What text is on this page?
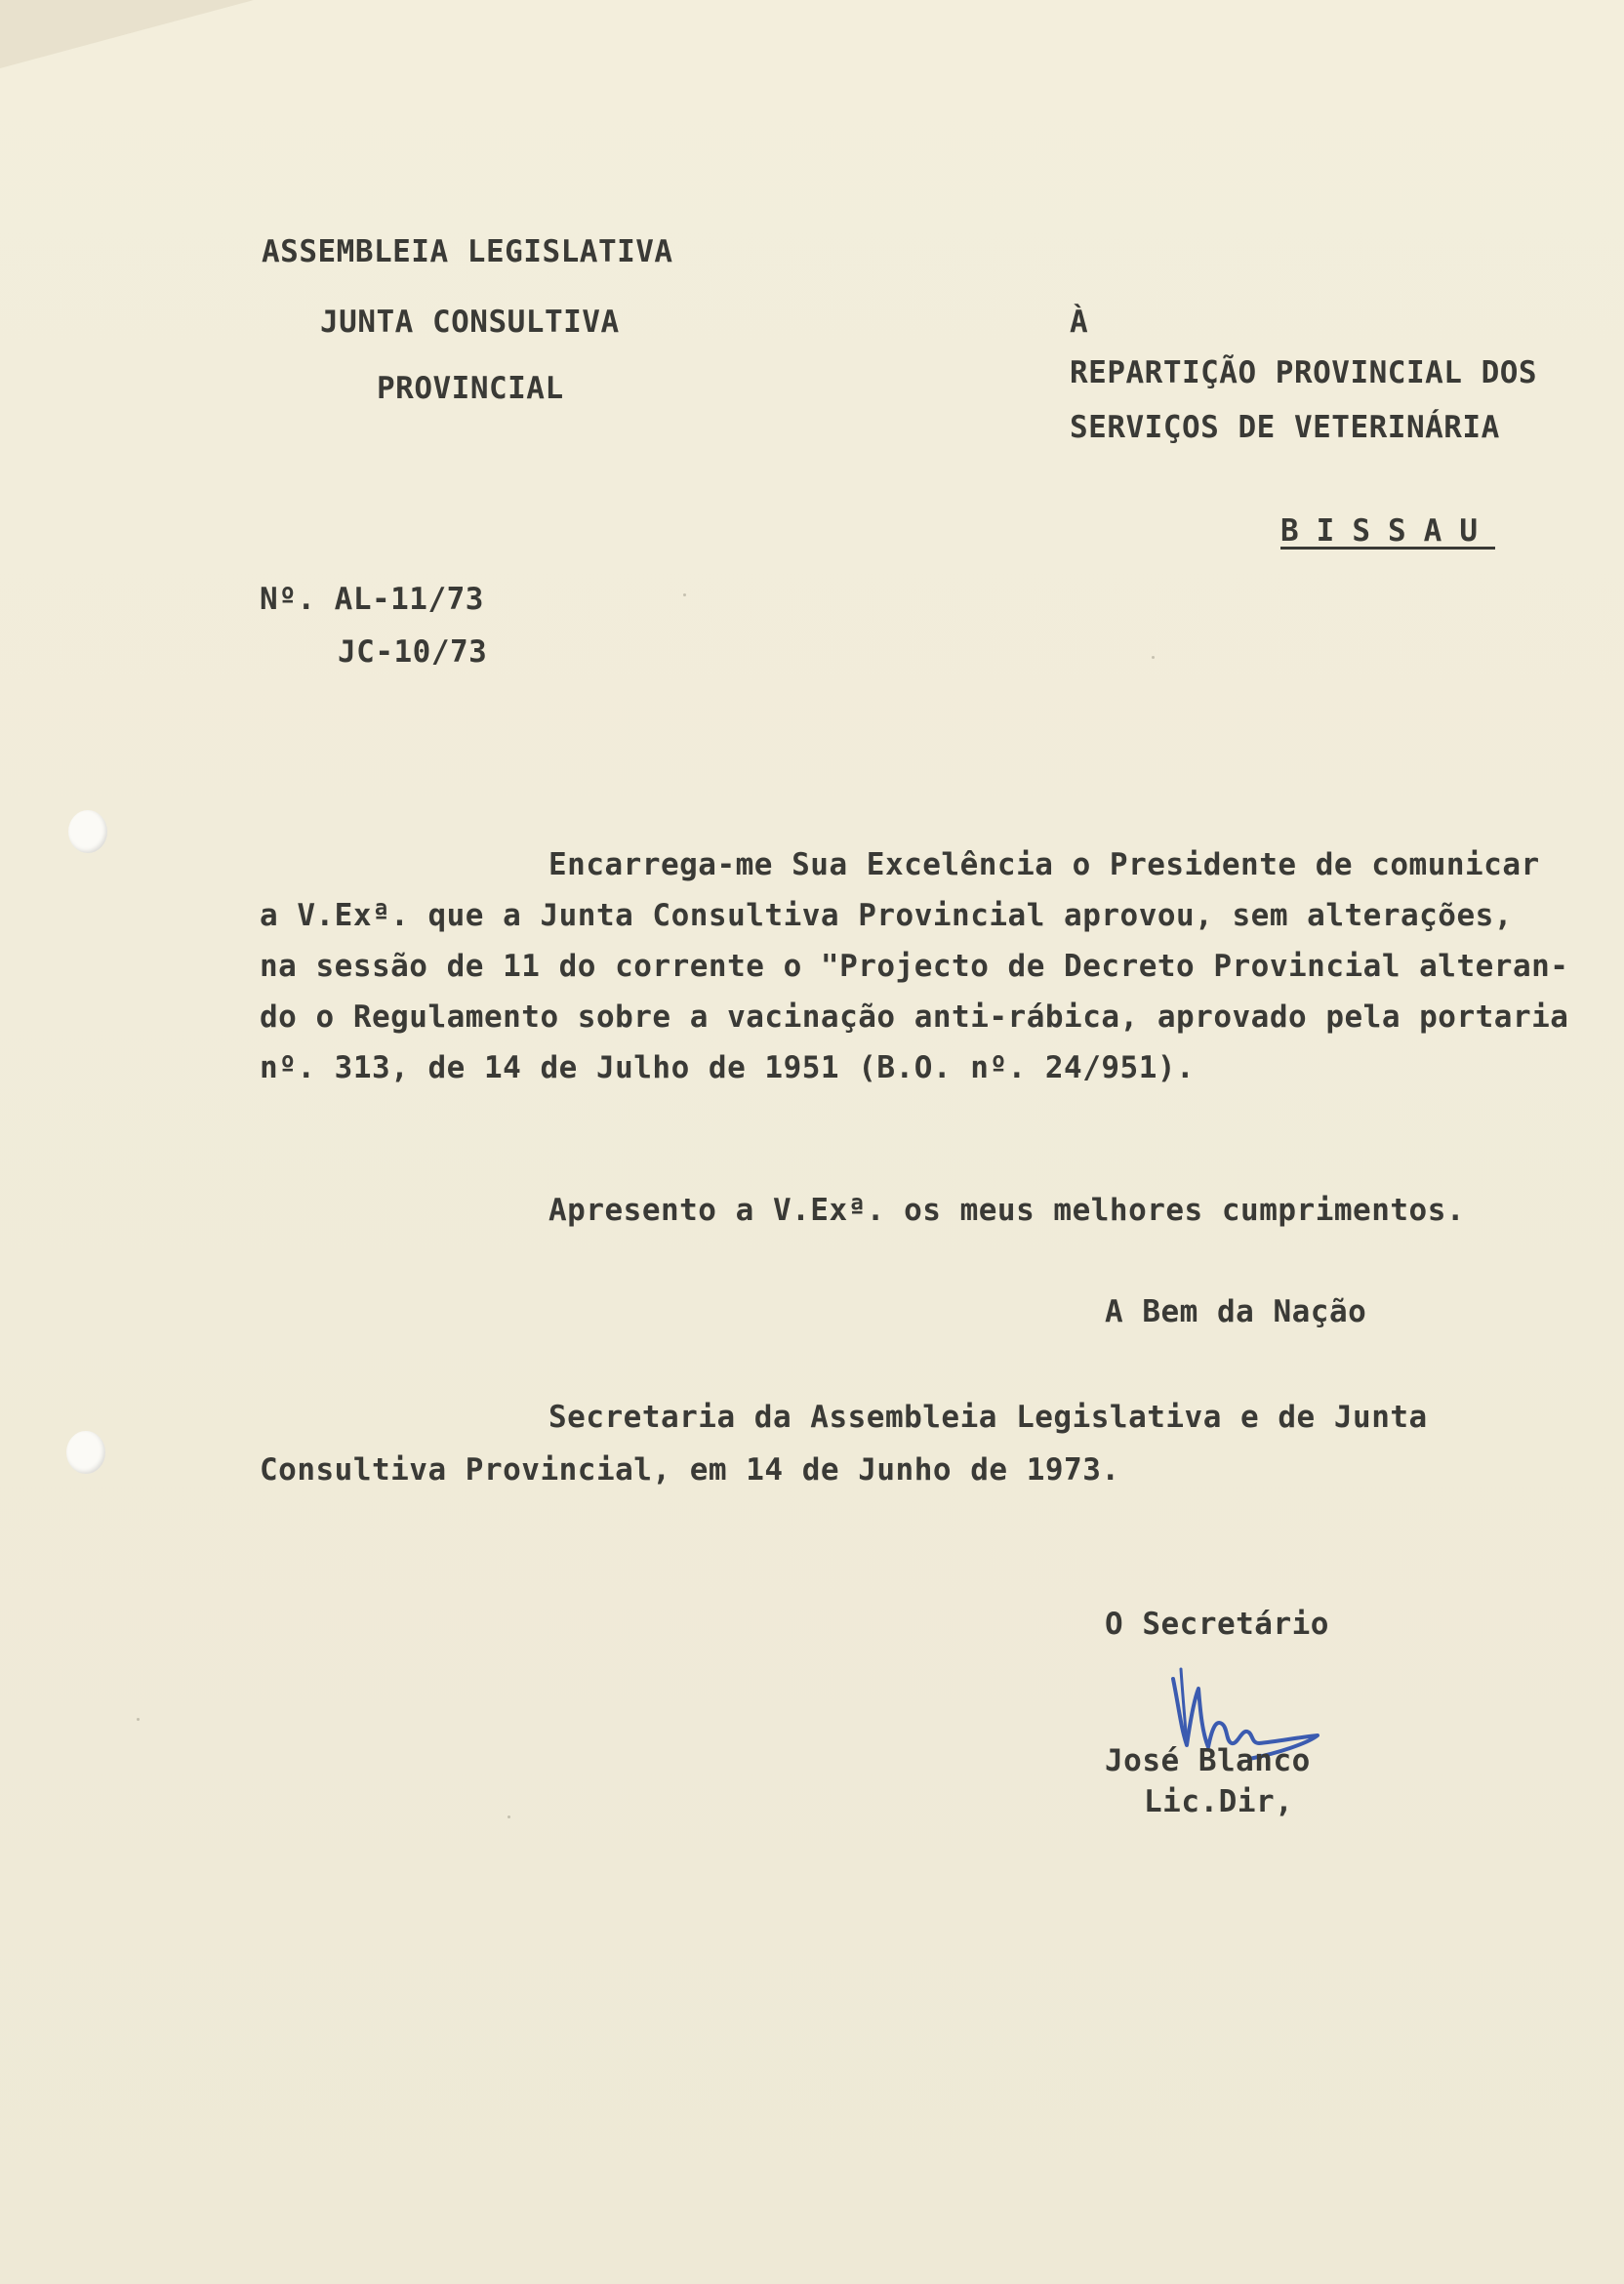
ASSEMBLEIA LEGISLATIVA
JUNTA CONSULTIVA
PROVINCIAL
À
REPARTIÇÃO PROVINCIAL DOS
SERVIÇOS DE VETERINÁRIA
BISSAU
Nº. AL-11/73
JC-10/73
Encarrega-me Sua Excelência o Presidente de comunicar
a V.Exª. que a Junta Consultiva Provincial aprovou, sem alterações,
na sessão de 11 do corrente o "Projecto de Decreto Provincial alteran-
do o Regulamento sobre a vacinação anti-rábica, aprovado pela portaria
nº. 313, de 14 de Julho de 1951 (B.O. nº. 24/951).
Apresento a V.Exª. os meus melhores cumprimentos.
A Bem da Nação
Secretaria da Assembleia Legislativa e de Junta
Consultiva Provincial, em 14 de Junho de 1973.
O Secretário
José Blanco
Lic.Dir,
